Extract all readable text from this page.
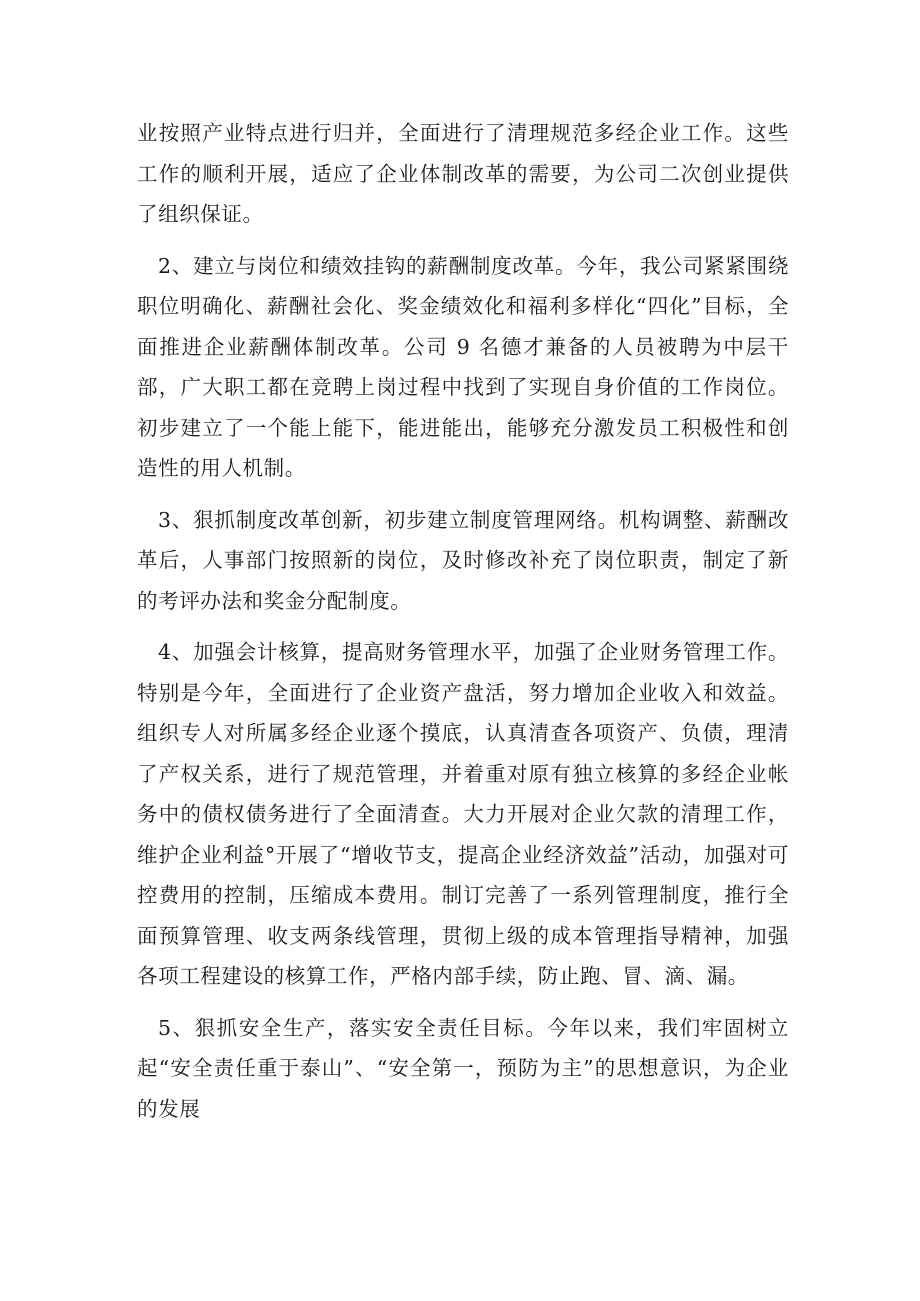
业按照产业特点进行归并，全面进行了清理规范多经企业工作。这些工作的顺利开展，适应了企业体制改革的需要，为公司二次创业提供了组织保证。

2、建立与岗位和绩效挂钩的薪酬制度改革。今年，我公司紧紧围绕职位明确化、薪酬社会化、奖金绩效化和福利多样化“四化”目标，全面推进企业薪酬体制改革。公司 9 名德才兼备的人员被聘为中层干部，广大职工都在竞聘上岗过程中找到了实现自身价值的工作岗位。初步建立了一个能上能下，能进能出，能够充分激发员工积极性和创造性的用人机制。

3、狠抓制度改革创新，初步建立制度管理网络。机构调整、薪酬改革后，人事部门按照新的岗位，及时修改补充了岗位职责，制定了新的考评办法和奖金分配制度。

4、加强会计核算，提高财务管理水平，加强了企业财务管理工作。特别是今年，全面进行了企业资产盘活，努力增加企业收入和效益。组织专人对所属多经企业逐个摸底，认真清查各项资产、负债，理清了产权关系，进行了规范管理，并着重对原有独立核算的多经企业帐务中的债权债务进行了全面清查。大力开展对企业欠款的清理工作，维护企业利益°开展了“增收节支，提高企业经济效益”活动，加强对可控费用的控制，压缩成本费用。制订完善了一系列管理制度，推行全面预算管理、收支两条线管理，贯彻上级的成本管理指导精神，加强各项工程建设的核算工作，严格内部手续，防止跑、冒、滴、漏。

5、狠抓安全生产，落实安全责任目标。今年以来，我们牢固树立起“安全责任重于泰山”、“安全第一，预防为主”的思想意识，为企业的发展
